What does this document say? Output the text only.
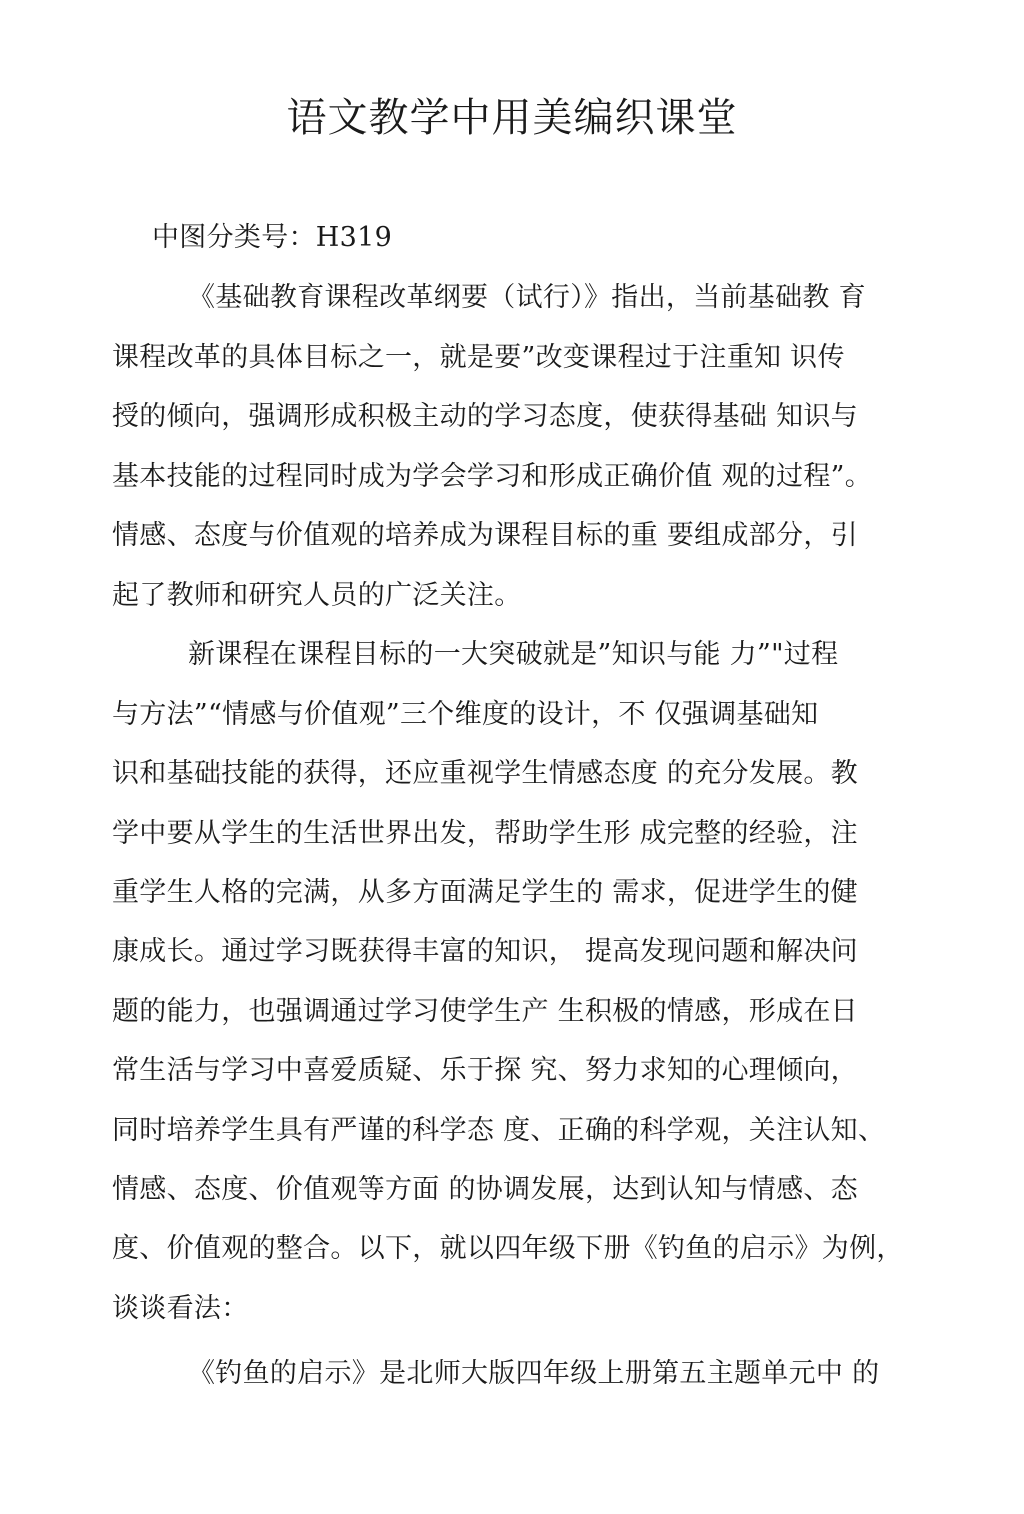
语文教学中用美编织课堂

中图分类号：H319

《基础教育课程改革纲要（试行）》指出，当前基础教 育

课程改革的具体目标之一，就是要”改变课程过于注重知 识传

授的倾向，强调形成积极主动的学习态度，使获得基础 知识与

基本技能的过程同时成为学会学习和形成正确价值 观的过程”。

情感、态度与价值观的培养成为课程目标的重 要组成部分，引

起了教师和研究人员的广泛关注。

新课程在课程目标的一大突破就是”知识与能 力”"过程

与方法”“情感与价值观”三个维度的设计，不 仅强调基础知

识和基础技能的获得，还应重视学生情感态度 的充分发展。教

学中要从学生的生活世界出发，帮助学生形 成完整的经验，注

重学生人格的完满，从多方面满足学生的 需求，促进学生的健

康成长。通过学习既获得丰富的知识， 提高发现问题和解决问

题的能力，也强调通过学习使学生产 生积极的情感，形成在日

常生活与学习中喜爱质疑、乐于探 究、努力求知的心理倾向，

同时培养学生具有严谨的科学态 度、正确的科学观，关注认知、

情感、态度、价值观等方面 的协调发展，达到认知与情感、态

度、价值观的整合。以下，就以四年级下册《钓鱼的启示》为例，

谈谈看法：

《钓鱼的启示》是北师大版四年级上册第五主题单元中 的
